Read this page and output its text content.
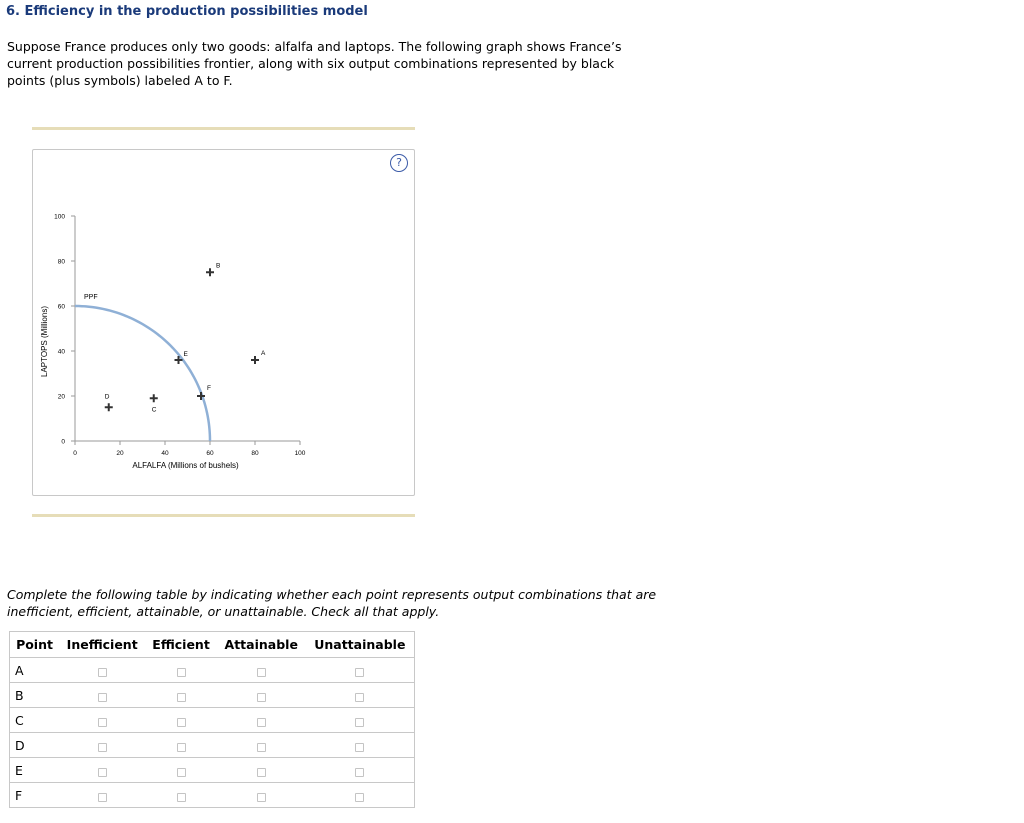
6. Efficiency in the production possibilities model
Suppose France produces only two goods: alfalfa and laptops. The following graph shows France’s current production possibilities frontier, along with six output combinations represented by black points (plus symbols) labeled A to F.
?
0	20	40	60	80	100
0
20
40
60
80
100
ALFALFA (Millions of bushels)
LAPTOPS (Millions)
PPF
A
B
C
D
E
F
Complete the following table by indicating whether each point represents output combinations that are inefficient, efficient, attainable, or unattainable. Check all that apply.
Point	Inefficient	Efficient	Attainable	Unattainable
A				
B				
C				
D				
E				
F				
